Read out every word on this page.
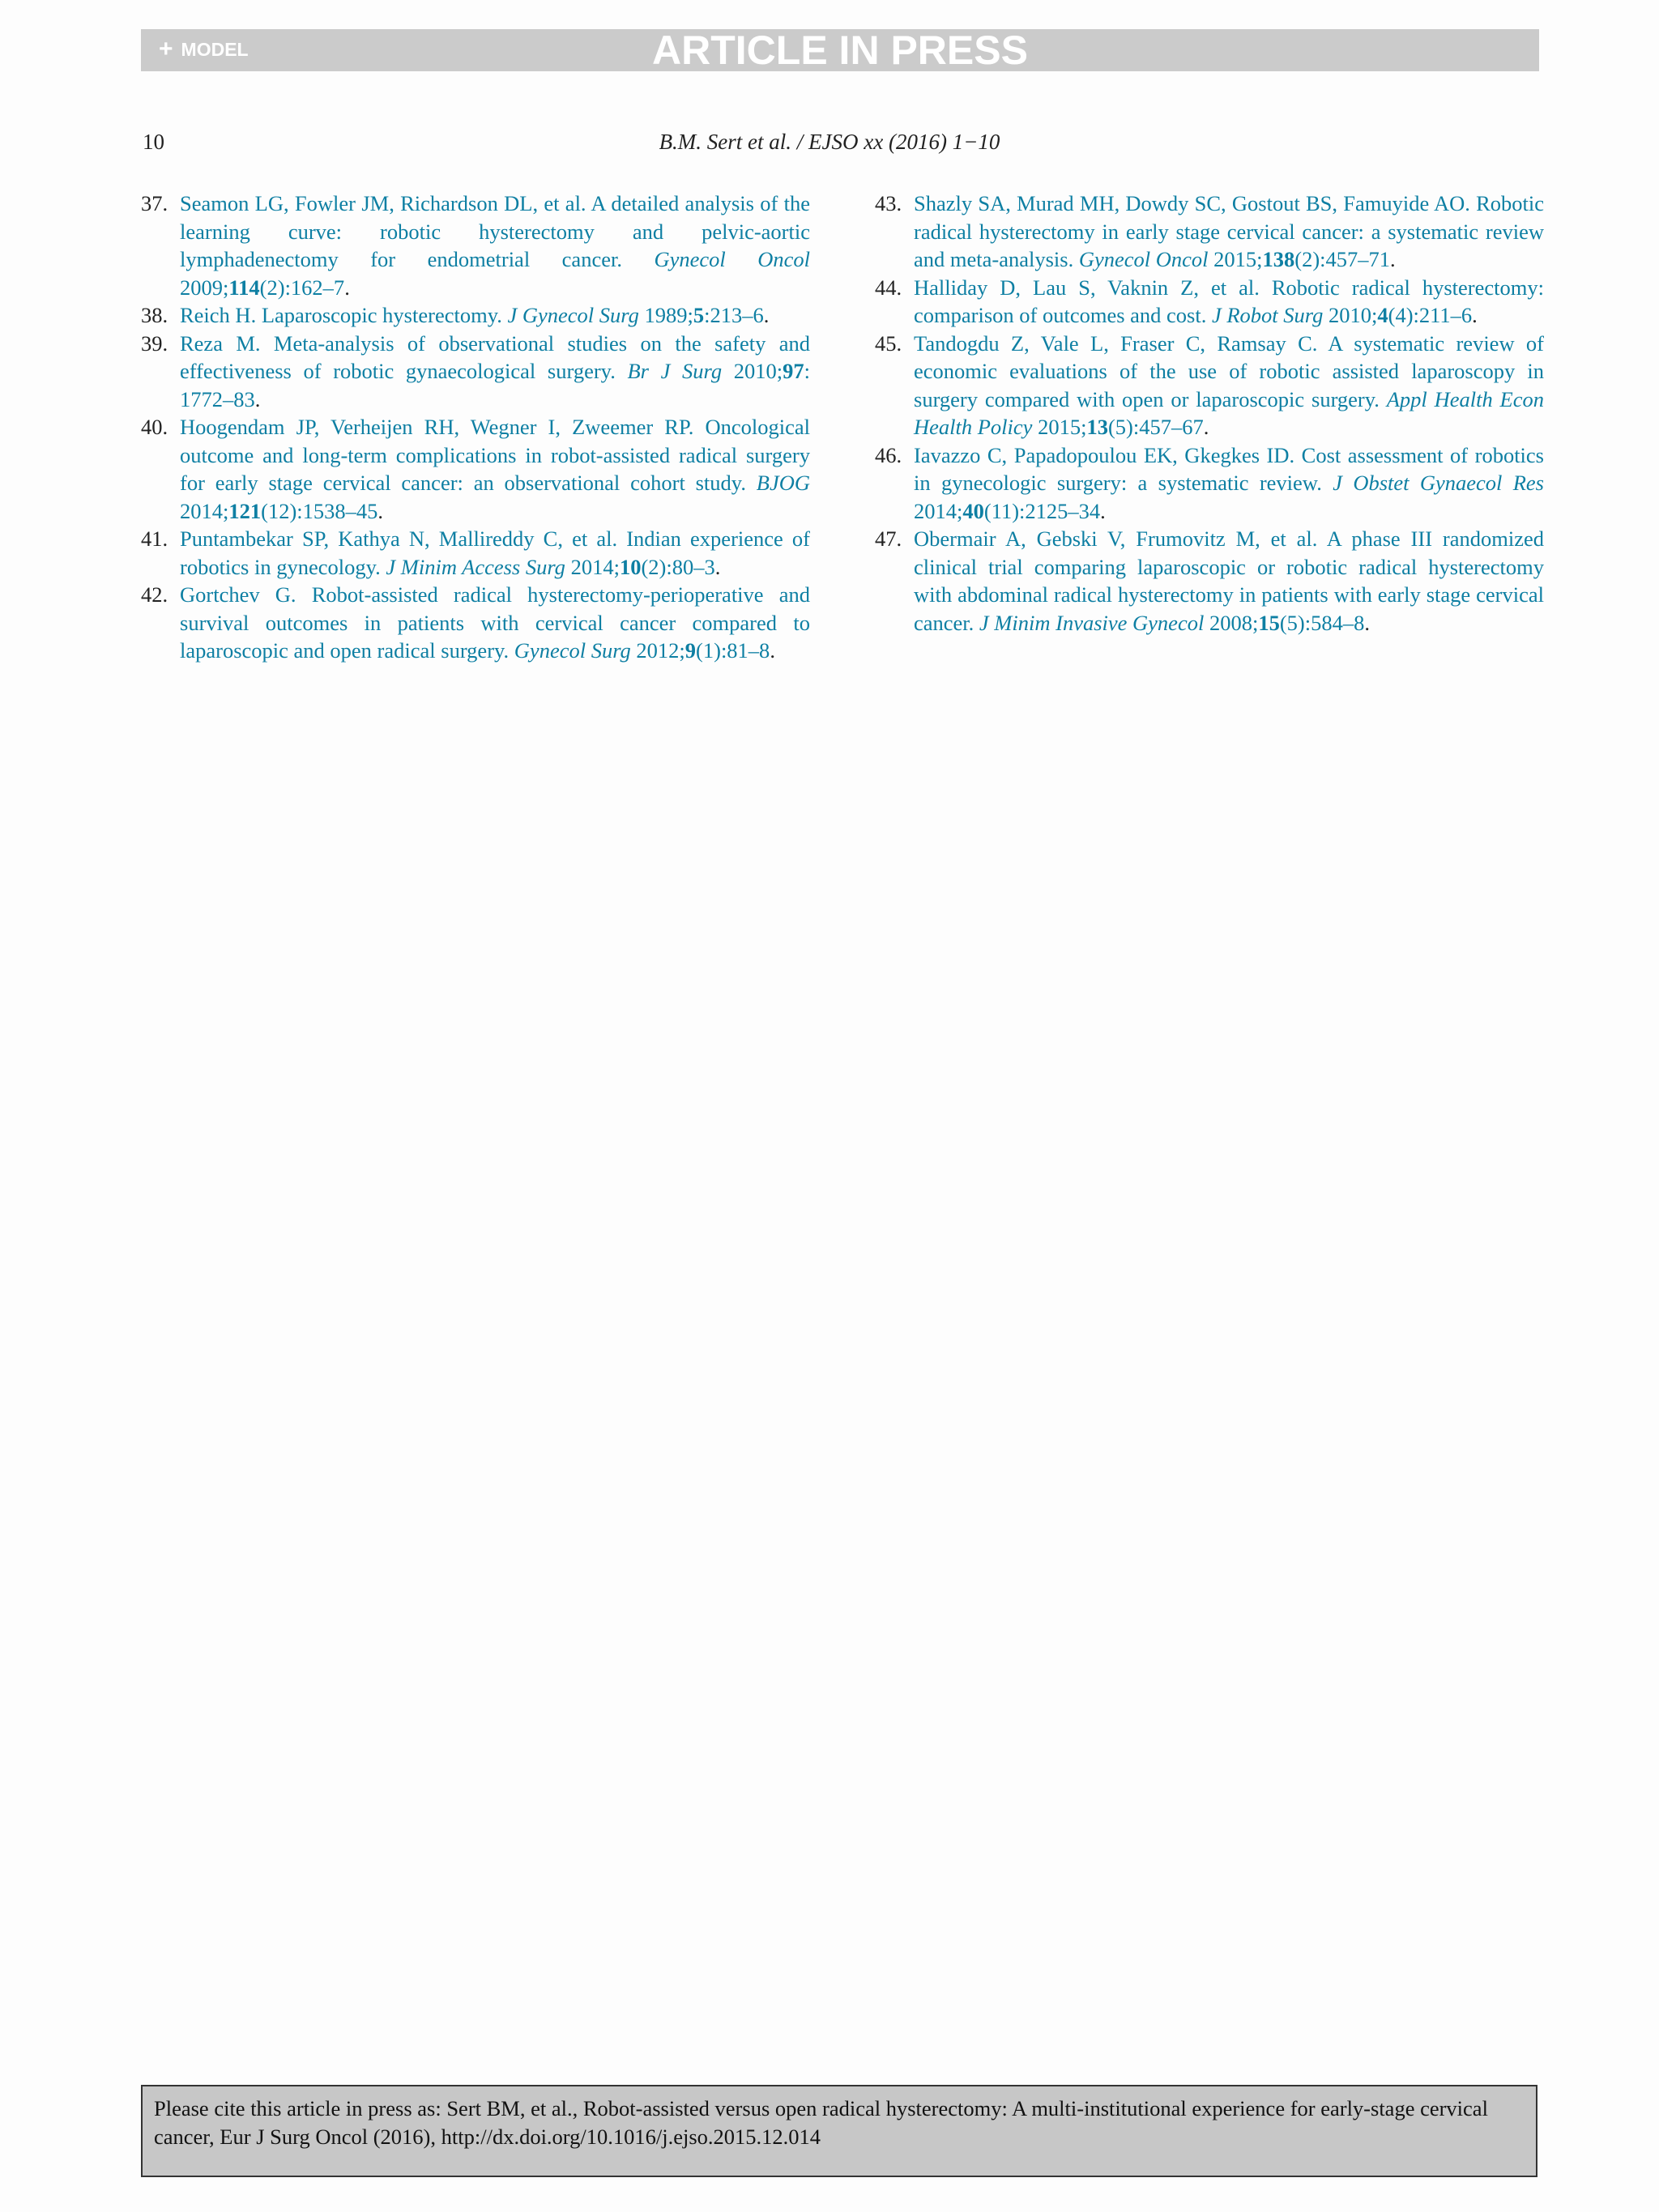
+ MODEL	ARTICLE IN PRESS
10	B.M. Sert et al. / EJSO xx (2016) 1−10

37. Seamon LG, Fowler JM, Richardson DL, et al. A detailed analysis of the learning curve: robotic hysterectomy and pelvic-aortic lymphadenectomy for endometrial cancer. Gynecol Oncol 2009;114(2):162–7.

38. Reich H. Laparoscopic hysterectomy. J Gynecol Surg 1989;5:213–6.

39. Reza M. Meta-analysis of observational studies on the safety and effectiveness of robotic gynaecological surgery. Br J Surg 2010;97: 1772–83.

40. Hoogendam JP, Verheijen RH, Wegner I, Zweemer RP. Oncological outcome and long-term complications in robot-assisted radical surgery for early stage cervical cancer: an observational cohort study. BJOG 2014;121(12):1538–45.

41. Puntambekar SP, Kathya N, Mallireddy C, et al. Indian experience of robotics in gynecology. J Minim Access Surg 2014;10(2):80–3.

42. Gortchev G. Robot-assisted radical hysterectomy-perioperative and survival outcomes in patients with cervical cancer compared to laparoscopic and open radical surgery. Gynecol Surg 2012;9(1):81–8.

43. Shazly SA, Murad MH, Dowdy SC, Gostout BS, Famuyide AO. Robotic radical hysterectomy in early stage cervical cancer: a systematic review and meta-analysis. Gynecol Oncol 2015;138(2):457–71.

44. Halliday D, Lau S, Vaknin Z, et al. Robotic radical hysterectomy: comparison of outcomes and cost. J Robot Surg 2010;4(4):211–6.

45. Tandogdu Z, Vale L, Fraser C, Ramsay C. A systematic review of economic evaluations of the use of robotic assisted laparoscopy in surgery compared with open or laparoscopic surgery. Appl Health Econ Health Policy 2015;13(5):457–67.

46. Iavazzo C, Papadopoulou EK, Gkegkes ID. Cost assessment of robotics in gynecologic surgery: a systematic review. J Obstet Gynaecol Res 2014;40(11):2125–34.

47. Obermair A, Gebski V, Frumovitz M, et al. A phase III randomized clinical trial comparing laparoscopic or robotic radical hysterectomy with abdominal radical hysterectomy in patients with early stage cervical cancer. J Minim Invasive Gynecol 2008;15(5):584–8.

Please cite this article in press as: Sert BM, et al., Robot-assisted versus open radical hysterectomy: A multi-institutional experience for early-stage cervical cancer, Eur J Surg Oncol (2016), http://dx.doi.org/10.1016/j.ejso.2015.12.014
